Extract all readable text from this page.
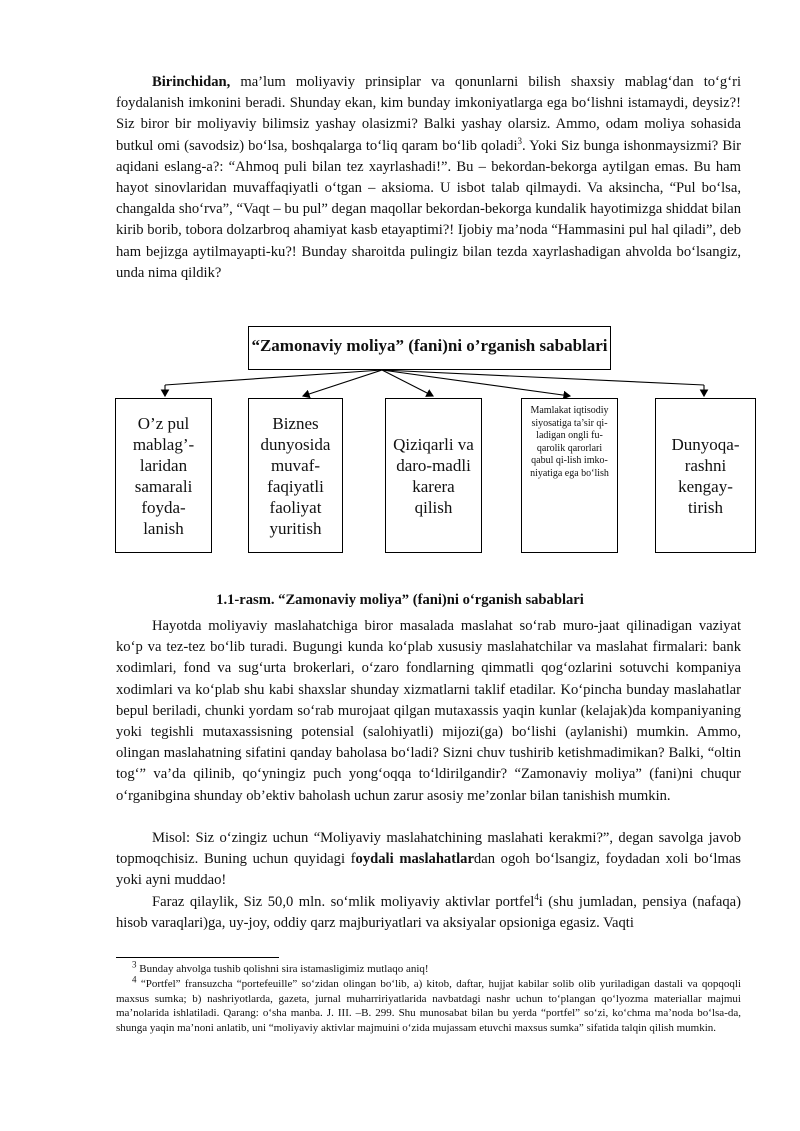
Birinchidan, ma’lum moliyaviy prinsiplar va qonunlarni bilish shaxsiy mablag‘dan to‘g‘ri foydalanish imkonini beradi. Shunday ekan, kim bunday imkoniyatlarga ega bo‘lishni istamaydi, deysiz?! Siz biror bir moliyaviy bilimsiz yashay olasizmi? Balki yashay olarsiz. Ammo, odam moliya sohasida butkul omi (savodsiz) bo‘lsa, boshqalarga to‘liq qaram bo‘lib qoladi$^3$. Yoki Siz bunga ishonmaysizmi? Bir aqidani eslang-a?: “Ahmoq puli bilan tez xayrlashadi!”. Bu – bekordan-bekorga aytilgan emas. Bu ham hayot sinovlaridan muvaffaqiyatli o‘tgan – aksioma. U isbot talab qilmaydi. Va aksincha, “Pul bo‘lsa, changalda sho‘rva”, “Vaqt – bu pul” degan maqollar bekordan-bekorga kundalik hayotimizga shiddat bilan kirib borib, tobora dolzarbroq ahamiyat kasb etayaptimi?! Ijobiy ma’noda “Hammasini pul hal qiladi”, deb ham bejizga aytilmayapti-ku?! Bunday sharoitda pulingiz bilan tezda xayrlashadigan ahvolda bo‘lsangiz, unda nima qildik?

“Zamonaviy moliya” (fani)ni o’rganish sabablari
O’z pul mablag’-laridan samarali foyda-lanish
Biznes dunyosida muvaf-faqiyatli faoliyat yuritish
Qiziqarli va daro-madli karera qilish
Mamlakat iqtisodiy siyosatiga ta’sir qi-ladigan ongli fu-qarolik qarorlari qabul qi-lish imko-niyatiga ega bo‘lish
Dunyoqa-rashni kengay-tirish
1.1-rasm. “Zamonaviy moliya” (fani)ni o‘rganish sabablari

Hayotda moliyaviy maslahatchiga biror masalada maslahat so‘rab muro-jaat qilinadigan vaziyat ko‘p va tez-tez bo‘lib turadi. Bugungi kunda ko‘plab xususiy maslahatchilar va maslahat firmalari: bank xodimlari, fond va sug‘urta brokerlari, o‘zaro fondlarning qimmatli qog‘ozlarini sotuvchi kompaniya xodimlari va ko‘plab shu kabi shaxslar shunday xizmatlarni taklif etadilar. Ko‘pincha bunday maslahatlar bepul beriladi, chunki yordam so‘rab murojaat qilgan mutaxassis yaqin kunlar (kelajak)da kompaniyaning yoki tegishli mutaxassisning potensial (salohiyatli) mijozi(ga) bo‘lishi (aylanishi) mumkin. Ammo, olingan maslahatning sifatini qanday baholasa bo‘ladi? Sizni chuv tushirib ketishmadimikan? Balki, “oltin tog‘” va’da qilinib, qo‘yningiz puch yong‘oqqa to‘ldirilgandir? “Zamonaviy moliya” (fani)ni chuqur o‘rganibgina shunday ob’ektiv baholash uchun zarur asosiy me’zonlar bilan tanishish mumkin.

Misol: Siz o‘zingiz uchun “Moliyaviy maslahatchining maslahati kerakmi?”, degan savolga javob topmoqchisiz. Buning uchun quyidagi foydali maslahatlardan ogoh bo‘lsangiz, foydadan xoli bo‘lmas yoki ayni muddao!

Faraz qilaylik, Siz 50,0 mln. so‘mlik moliyaviy aktivlar portfel$^4$i (shu jumladan, pensiya (nafaqa) hisob varaqlari)ga, uy-joy, oddiy qarz majburiyatlari va aksiyalar opsioniga egasiz. Vaqti

$^3$ Bunday ahvolga tushib qolishni sira istamasligimiz mutlaqo aniq!

$^4$ “Portfel” fransuzcha “portefeuille” so‘zidan olingan bo‘lib, a) kitob, daftar, hujjat kabilar solib olib yuriladigan dastali va qopqoqli maxsus sumka; b) nashriyotlarda, gazeta, jurnal muharririyatlarida navbatdagi nashr uchun to‘plangan qo‘lyozma materiallar majmui ma’nolarida ishlatiladi. Qarang: o‘sha manba. J. III. –B. 299. Shu munosabat bilan bu yerda “portfel” so‘zi, ko‘chma ma’noda bo‘lsa-da, shunga yaqin ma’noni anlatib, uni “moliyaviy aktivlar majmuini o‘zida mujassam etuvchi maxsus sumka” sifatida talqin qilish mumkin.
